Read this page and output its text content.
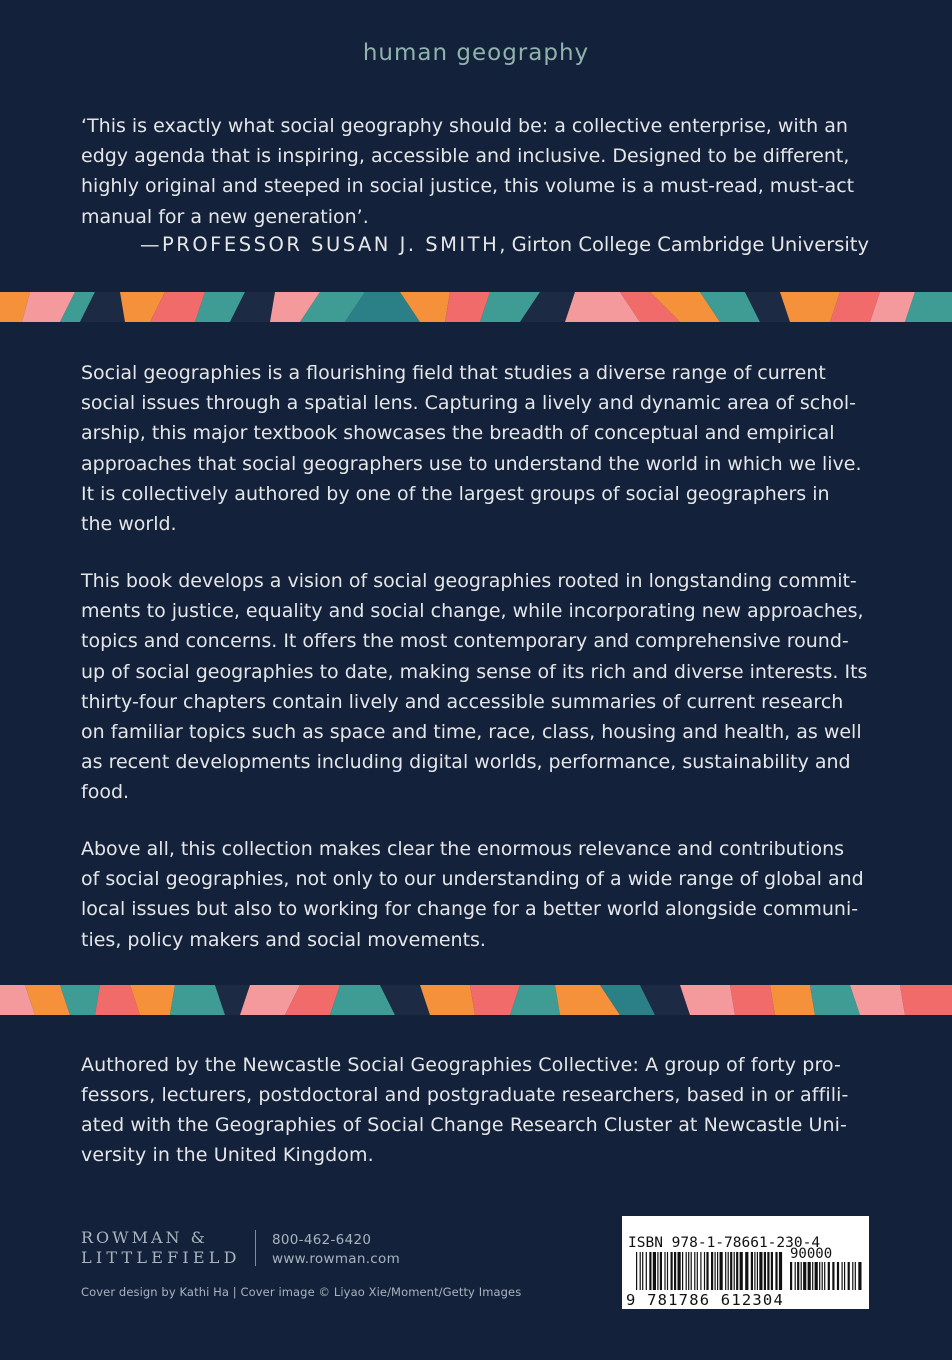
human geography
‘This is exactly what social geography should be: a collective enterprise, with an
edgy agenda that is inspiring, accessible and inclusive. Designed to be different,
highly original and steeped in social justice, this volume is a must-read, must-act
manual for a new generation’.
—PROFESSOR SUSAN J. SMITH, Girton College Cambridge University
Social geographies is a flourishing field that studies a diverse range of current
social issues through a spatial lens. Capturing a lively and dynamic area of schol-
arship, this major textbook showcases the breadth of conceptual and empirical
approaches that social geographers use to understand the world in which we live.
It is collectively authored by one of the largest groups of social geographers in
the world.
This book develops a vision of social geographies rooted in longstanding commit-
ments to justice, equality and social change, while incorporating new approaches,
topics and concerns. It offers the most contemporary and comprehensive round-
up of social geographies to date, making sense of its rich and diverse interests. Its
thirty-four chapters contain lively and accessible summaries of current research
on familiar topics such as space and time, race, class, housing and health, as well
as recent developments including digital worlds, performance, sustainability and
food.
Above all, this collection makes clear the enormous relevance and contributions
of social geographies, not only to our understanding of a wide range of global and
local issues but also to working for change for a better world alongside communi-
ties, policy makers and social movements.
Authored by the Newcastle Social Geographies Collective: A group of forty pro-
fessors, lecturers, postdoctoral and postgraduate researchers, based in or affili-
ated with the Geographies of Social Change Research Cluster at Newcastle Uni-
versity in the United Kingdom.
ROWMAN &
LITTLEFIELD
800-462-6420
www.rowman.com
Cover design by Kathi Ha | Cover image © Liyao Xie/Moment/Getty Images
ISBN 978-1-78661-230-4
90000
9 781786 612304
